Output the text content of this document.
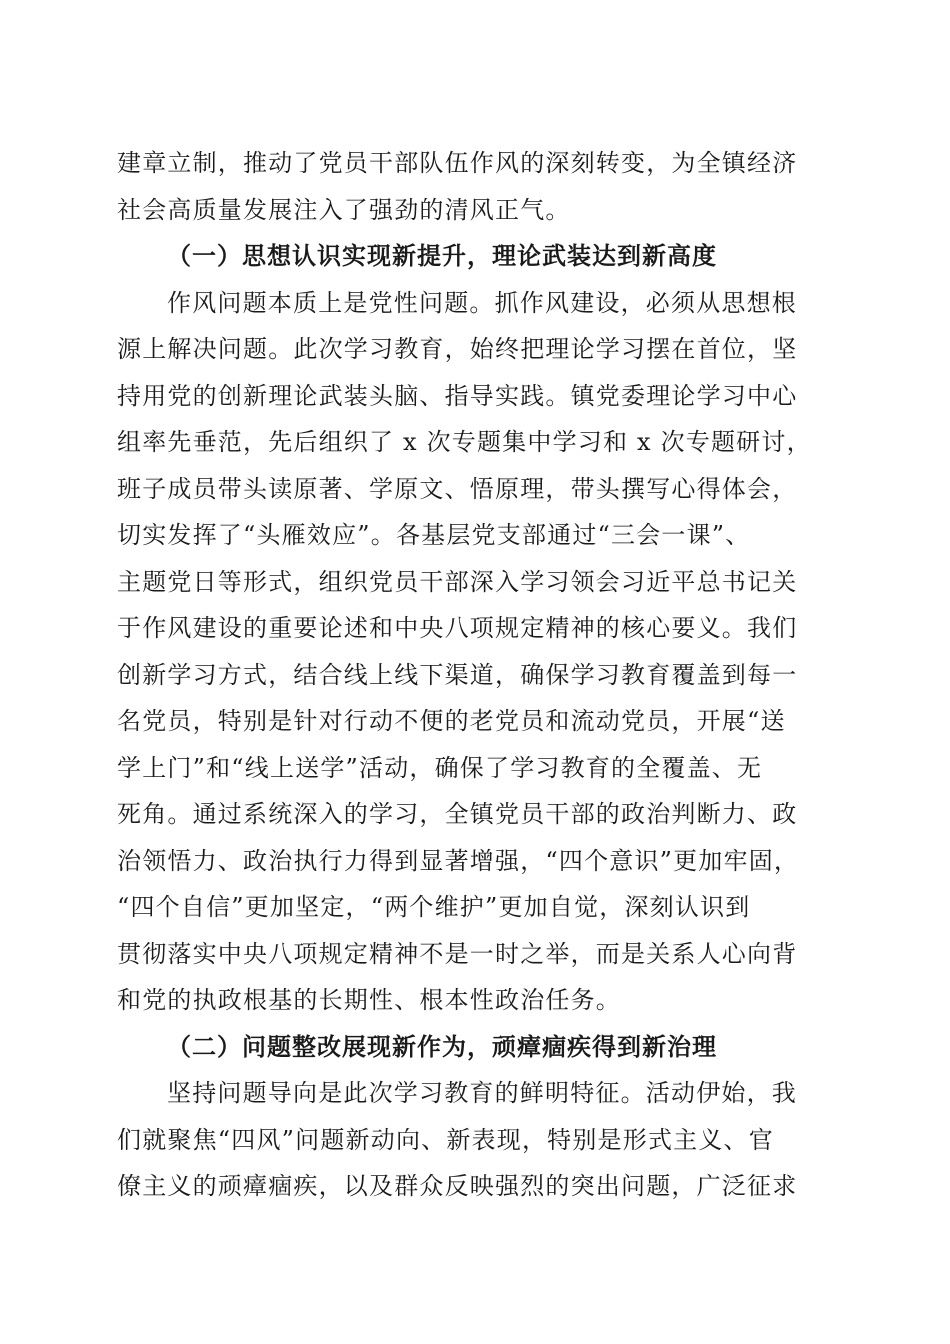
建章立制，推动了党员干部队伍作风的深刻转变，为全镇经济
社会高质量发展注入了强劲的清风正气。
（一）思想认识实现新提升，理论武装达到新高度
作风问题本质上是党性问题。抓作风建设，必须从思想根
源上解决问题。此次学习教育，始终把理论学习摆在首位，坚
持用党的创新理论武装头脑、指导实践。镇党委理论学习中心
组率先垂范，先后组织了 x 次专题集中学习和 x 次专题研讨，
班子成员带头读原著、学原文、悟原理，带头撰写心得体会，
切实发挥了“头雁效应”。各基层党支部通过“三会一课”、
主题党日等形式，组织党员干部深入学习领会习近平总书记关
于作风建设的重要论述和中央八项规定精神的核心要义。我们
创新学习方式，结合线上线下渠道，确保学习教育覆盖到每一
名党员，特别是针对行动不便的老党员和流动党员，开展“送
学上门”和“线上送学”活动，确保了学习教育的全覆盖、无
死角。通过系统深入的学习，全镇党员干部的政治判断力、政
治领悟力、政治执行力得到显著增强，“四个意识”更加牢固，
“四个自信”更加坚定，“两个维护”更加自觉，深刻认识到
贯彻落实中央八项规定精神不是一时之举，而是关系人心向背
和党的执政根基的长期性、根本性政治任务。
（二）问题整改展现新作为，顽瘴痼疾得到新治理
坚持问题导向是此次学习教育的鲜明特征。活动伊始，我
们就聚焦“四风”问题新动向、新表现，特别是形式主义、官
僚主义的顽瘴痼疾，以及群众反映强烈的突出问题，广泛征求
